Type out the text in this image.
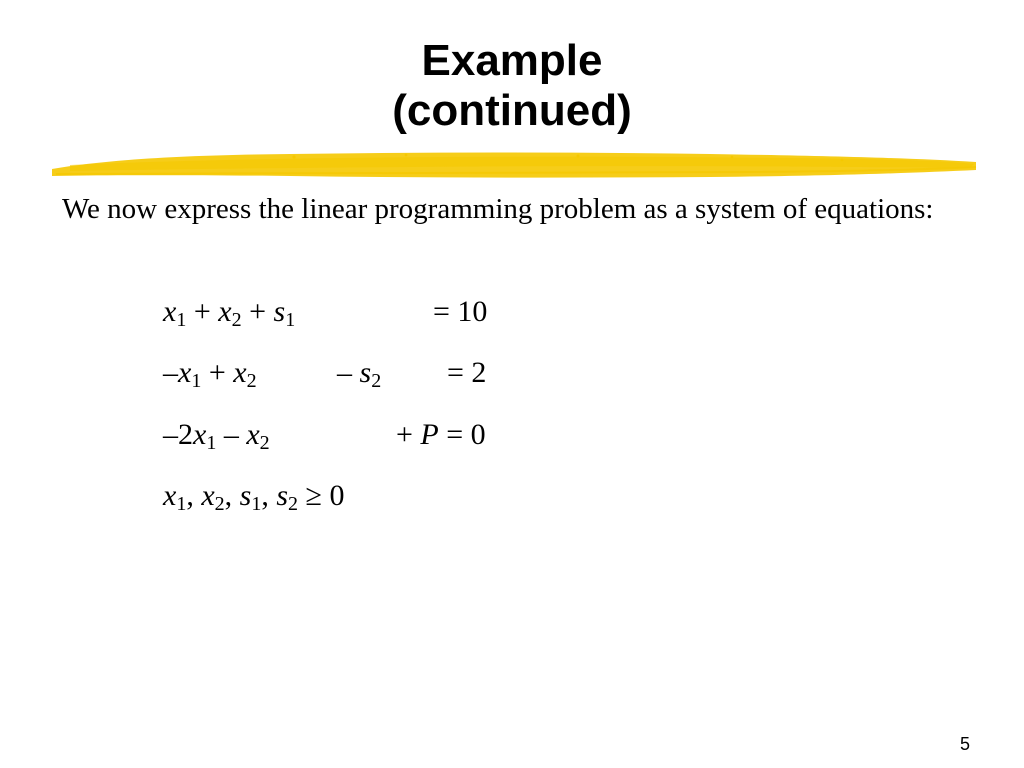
Example
(continued)
We now express the linear programming problem as a system of equations:
$x_1 + x_2 + s_1$	= 10
$-x_1 + x_2$	– $s_2 = 2$
$-2x_1 - x_2$	+ P = 0
$x_1$, $x_2$, $s_1$, $s_2 \ge 0$
5
